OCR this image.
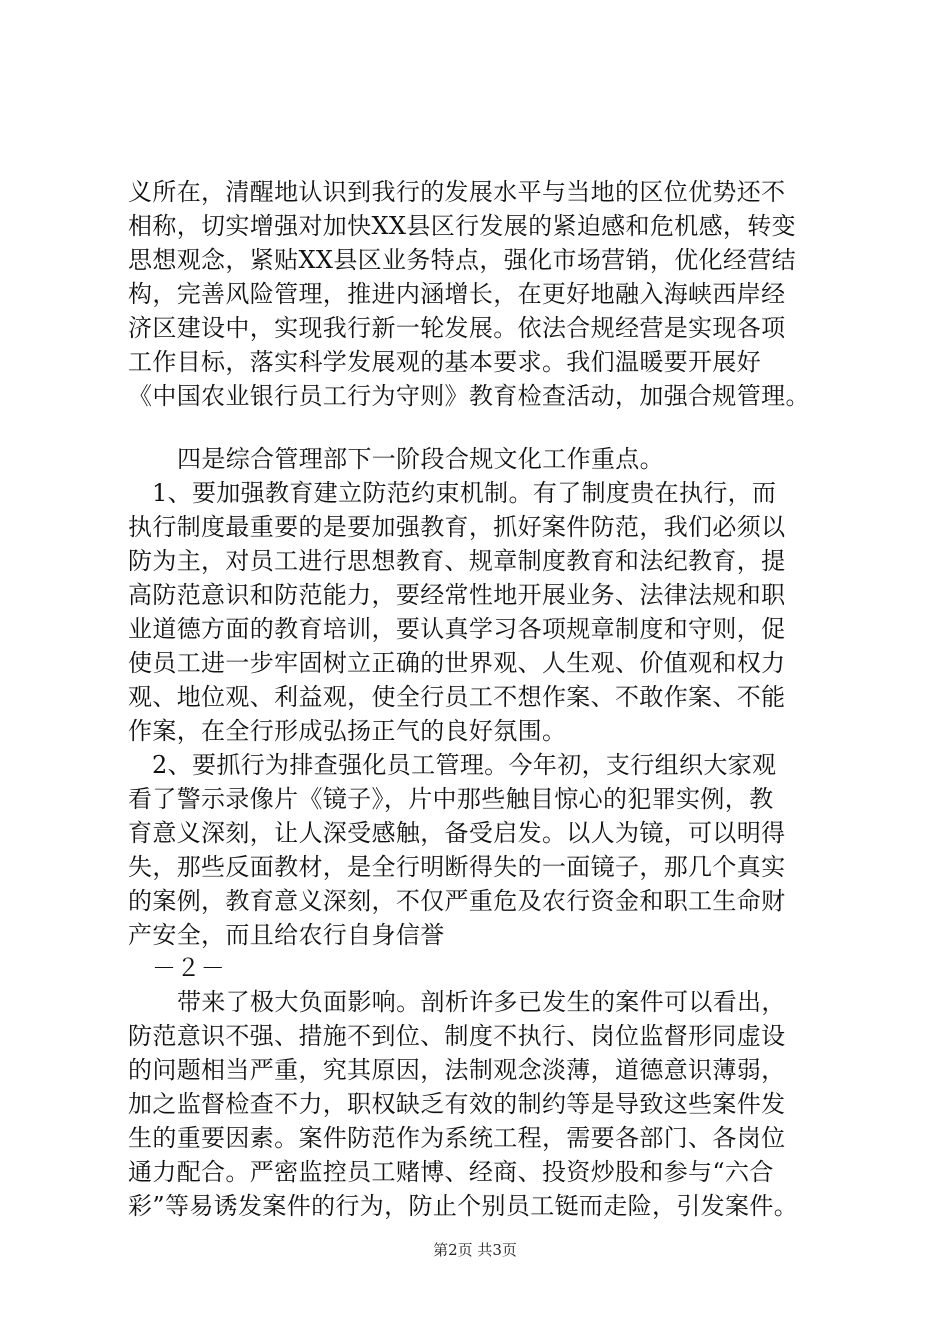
义所在，清醒地认识到我行的发展水平与当地的区位优势还不
相称，切实增强对加快XX县区行发展的紧迫感和危机感，转变
思想观念，紧贴XX县区业务特点，强化市场营销，优化经营结
构，完善风险管理，推进内涵增长，在更好地融入海峡西岸经
济区建设中，实现我行新一轮发展。依法合规经营是实现各项
工作目标，落实科学发展观的基本要求。我们温暖要开展好
《中国农业银行员工行为守则》教育检查活动，加强合规管理。
四是综合管理部下一阶段合规文化工作重点。
1、要加强教育建立防范约束机制。有了制度贵在执行，而
执行制度最重要的是要加强教育，抓好案件防范，我们必须以
防为主，对员工进行思想教育、规章制度教育和法纪教育，提
高防范意识和防范能力，要经常性地开展业务、法律法规和职
业道德方面的教育培训，要认真学习各项规章制度和守则，促
使员工进一步牢固树立正确的世界观、人生观、价值观和权力
观、地位观、利益观，使全行员工不想作案、不敢作案、不能
作案，在全行形成弘扬正气的良好氛围。
2、要抓行为排查强化员工管理。今年初，支行组织大家观
看了警示录像片《镜子》，片中那些触目惊心的犯罪实例，教
育意义深刻，让人深受感触，备受启发。以人为镜，可以明得
失，那些反面教材，是全行明断得失的一面镜子，那几个真实
的案例，教育意义深刻，不仅严重危及农行资金和职工生命财
产安全，而且给农行自身信誉
－２－
带来了极大负面影响。剖析许多已发生的案件可以看出，
防范意识不强、措施不到位、制度不执行、岗位监督形同虚设
的问题相当严重，究其原因，法制观念淡薄，道德意识薄弱，
加之监督检查不力，职权缺乏有效的制约等是导致这些案件发
生的重要因素。案件防范作为系统工程，需要各部门、各岗位
通力配合。严密监控员工赌博、经商、投资炒股和参与“六合
彩”等易诱发案件的行为，防止个别员工铤而走险，引发案件。
第2页 共3页
